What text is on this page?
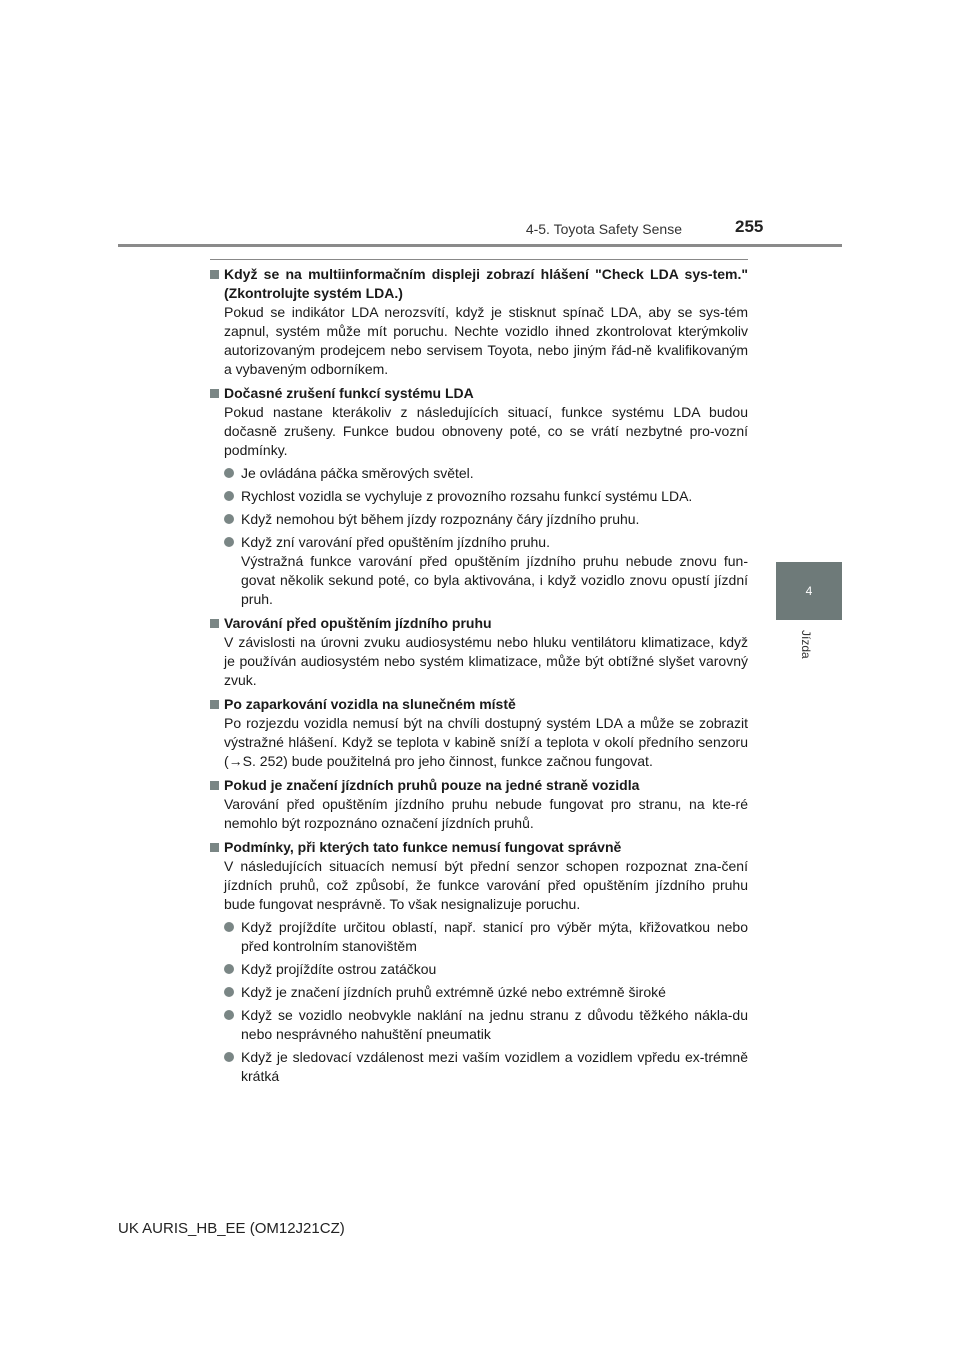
4-5. Toyota Safety Sense	255
4
Jízda
Když se na multiinformačním displeji zobrazí hlášení "Check LDA sys-tem." (Zkontrolujte systém LDA.)
Pokud se indikátor LDA nerozsvítí, když je stisknut spínač LDA, aby se sys-tém zapnul, systém může mít poruchu. Nechte vozidlo ihned zkontrolovat kterýmkoliv autorizovaným prodejcem nebo servisem Toyota, nebo jiným řád-ně kvalifikovaným a vybaveným odborníkem.
Dočasné zrušení funkcí systému LDA
Pokud nastane kterákoliv z následujících situací, funkce systému LDA budou dočasně zrušeny. Funkce budou obnoveny poté, co se vrátí nezbytné pro-vozní podmínky.
Je ovládána páčka směrových světel.
Rychlost vozidla se vychyluje z provozního rozsahu funkcí systému LDA.
Když nemohou být během jízdy rozpoznány čáry jízdního pruhu.
Když zní varování před opuštěním jízdního pruhu.
Výstražná funkce varování před opuštěním jízdního pruhu nebude znovu fun-govat několik sekund poté, co byla aktivována, i když vozidlo znovu opustí jízdní pruh.
Varování před opuštěním jízdního pruhu
V závislosti na úrovni zvuku audiosystému nebo hluku ventilátoru klimatizace, když je používán audiosystém nebo systém klimatizace, může být obtížné slyšet varovný zvuk.
Po zaparkování vozidla na slunečném místě
Po rozjezdu vozidla nemusí být na chvíli dostupný systém LDA a může se zobrazit výstražné hlášení. Když se teplota v kabině sníží a teplota v okolí předního senzoru (→S. 252) bude použitelná pro jeho činnost, funkce začnou fungovat.
Pokud je značení jízdních pruhů pouze na jedné straně vozidla
Varování před opuštěním jízdního pruhu nebude fungovat pro stranu, na kte-ré nemohlo být rozpoznáno označení jízdních pruhů.
Podmínky, při kterých tato funkce nemusí fungovat správně
V následujících situacích nemusí být přední senzor schopen rozpoznat zna-čení jízdních pruhů, což způsobí, že funkce varování před opuštěním jízdního pruhu bude fungovat nesprávně. To však nesignalizuje poruchu.
Když projíždíte určitou oblastí, např. stanicí pro výběr mýta, křižovatkou nebo před kontrolním stanovištěm
Když projíždíte ostrou zatáčkou
Když je značení jízdních pruhů extrémně úzké nebo extrémně široké
Když se vozidlo neobvykle naklání na jednu stranu z důvodu těžkého nákla-du nebo nesprávného nahuštění pneumatik
Když je sledovací vzdálenost mezi vaším vozidlem a vozidlem vpředu ex-trémně krátká
UK AURIS_HB_EE (OM12J21CZ)
